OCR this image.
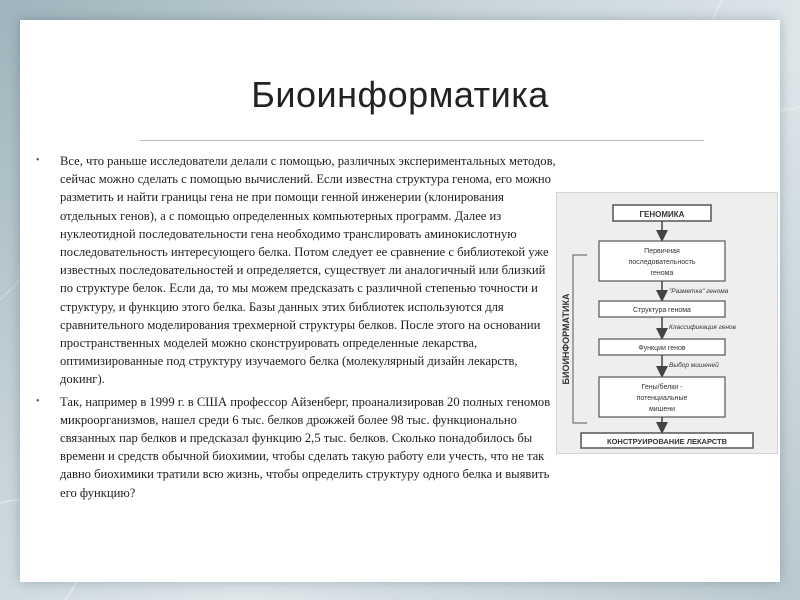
Биоинформатика
• Все, что раньше исследователи делали с помощью, различных экспериментальных методов, сейчас можно сделать с помощью вычислений. Если известна структура генома, его можно разметить и найти границы гена не при помощи генной инженерии (клонирования отдельных генов), а с помощью определенных компьютерных программ. Далее из нуклеотидной последовательности гена необходимо транслировать аминокислотную последовательность интересующего белка. Потом следует ее сравнение с библиотекой уже известных последовательностей и определяется, существует ли аналогичный или близкий по структуре белок. Если да, то мы можем предсказать с различной степенью точности и структуру, и функцию этого белка. Базы данных этих библиотек используются для сравнительного моделирования трехмерной структуры белков. После этого на основании пространственных моделей можно сконструировать определенные лекарства, оптимизированные под структуру изучаемого белка (молекулярный дизайн лекарств, докинг).
• Так, например в 1999 г. в США профессор Айзенберг, проанализировав 20 полных геномов микроорганизмов, нашел среди 6 тыс. белков дрожжей более 98 тыс. функционально связанных пар белков и предсказал функцию 2,5 тыс. белков. Сколько понадобилось бы времени и средств обычной биохимии, чтобы сделать такую работу ели учесть, что не так давно биохимики тратили всю жизнь, чтобы определить структуру одного белка и выявить его функцию?
БИОИНФОРМАТИКА
ГЕНОМИКА
Первичная
последовательность
генома
"Разметка" генома
Структура генома
Классификация генов
Функции генов
Выбор мишеней
Гены/белки -
потенциальные
мишени
КОНСТРУИРОВАНИЕ ЛЕКАРСТВ
